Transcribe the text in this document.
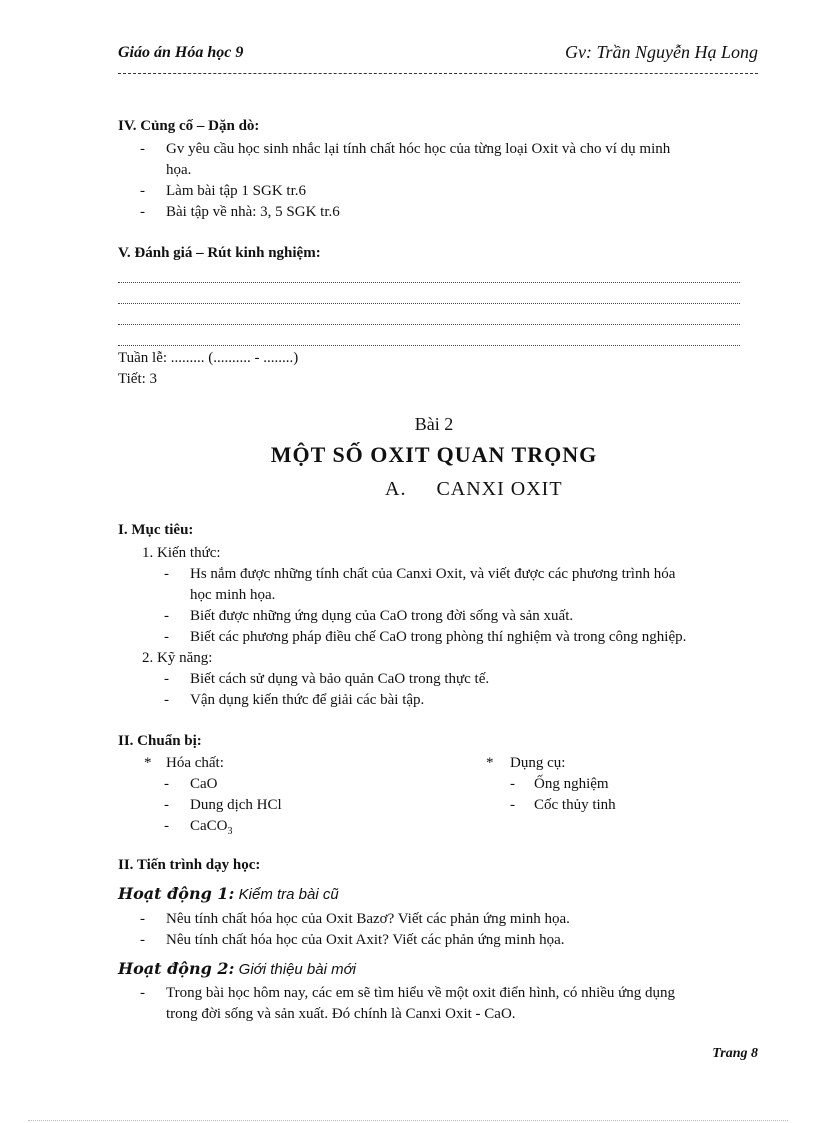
Giáo án Hóa học 9	Gv: Trần Nguyễn Hạ Long
IV. Củng cố – Dặn dò:
- Gv yêu cầu học sinh nhắc lại tính chất hóc học của từng loại Oxit và cho ví dụ minh
họa.
- Làm bài tập 1 SGK tr.6
- Bài tập về nhà: 3, 5 SGK tr.6
V. Đánh giá – Rút kinh nghiệm:
Tuần lễ: ......... (.......... - ........)
Tiết: 3
Bài 2
MỘT SỐ OXIT QUAN TRỌNG
A. CANXI OXIT
I. Mục tiêu:
1. Kiến thức:
- Hs nắm được những tính chất của Canxi Oxit, và viết được các phương trình hóa
học minh họa.
- Biết được những ứng dụng của CaO trong đời sống và sản xuất.
- Biết các phương pháp điều chế CaO trong phòng thí nghiệm và trong công nghiệp.
2. Kỹ năng:
- Biết cách sử dụng và bảo quản CaO trong thực tế.
- Vận dụng kiến thức để giải các bài tập.
II. Chuẩn bị:
* Hóa chất:
- CaO
- Dung dịch HCl
- CaCO$_3$
* Dụng cụ:
- Ống nghiệm
- Cốc thủy tinh
II. Tiến trình dạy học:
Hoạt động 1: Kiểm tra bài cũ
- Nêu tính chất hóa học của Oxit Bazơ? Viết các phản ứng minh họa.
- Nêu tính chất hóa học của Oxit Axit? Viết các phản ứng minh họa.
Hoạt động 2: Giới thiệu bài mới
- Trong bài học hôm nay, các em sẽ tìm hiểu về một oxit điển hình, có nhiều ứng dụng
trong đời sống và sản xuất. Đó chính là Canxi Oxit - CaO.
Trang 8
